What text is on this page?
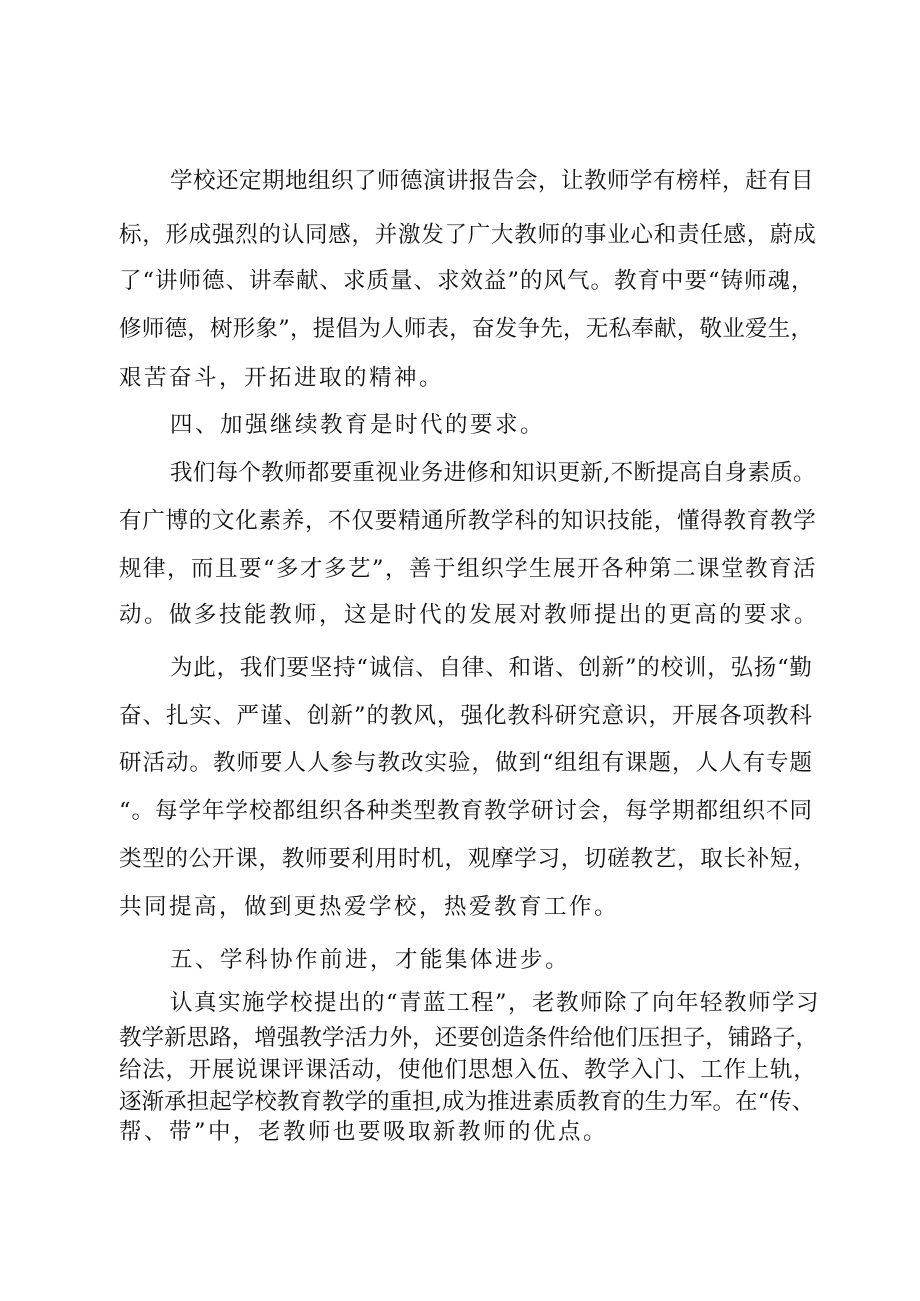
学校还定期地组织了师德演讲报告会，让教师学有榜样，赶有目
标，形成强烈的认同感，并激发了广大教师的事业心和责任感，蔚成
了“讲师德、讲奉献、求质量、求效益”的风气。教育中要“铸师魂，
修师德，树形象”，提倡为人师表，奋发争先，无私奉献，敬业爱生，
艰苦奋斗，开拓进取的精神。
四、加强继续教育是时代的要求。
我们每个教师都要重视业务进修和知识更新,不断提高自身素质。
有广博的文化素养，不仅要精通所教学科的知识技能，懂得教育教学
规律，而且要“多才多艺”，善于组织学生展开各种第二课堂教育活
动。做多技能教师，这是时代的发展对教师提出的更高的要求。
为此，我们要坚持“诚信、自律、和谐、创新”的校训，弘扬“勤
奋、扎实、严谨、创新”的教风，强化教科研究意识，开展各项教科
研活动。教师要人人参与教改实验，做到“组组有课题，人人有专题
“。每学年学校都组织各种类型教育教学研讨会，每学期都组织不同
类型的公开课，教师要利用时机，观摩学习，切磋教艺，取长补短，
共同提高，做到更热爱学校，热爱教育工作。
五、学科协作前进，才能集体进步。
认真实施学校提出的“青蓝工程”，老教师除了向年轻教师学习
教学新思路，增强教学活力外，还要创造条件给他们压担子，铺路子，
给法，开展说课评课活动，使他们思想入伍、教学入门、工作上轨，
逐渐承担起学校教育教学的重担,成为推进素质教育的生力军。在“传、
帮、带”中，老教师也要吸取新教师的优点。
